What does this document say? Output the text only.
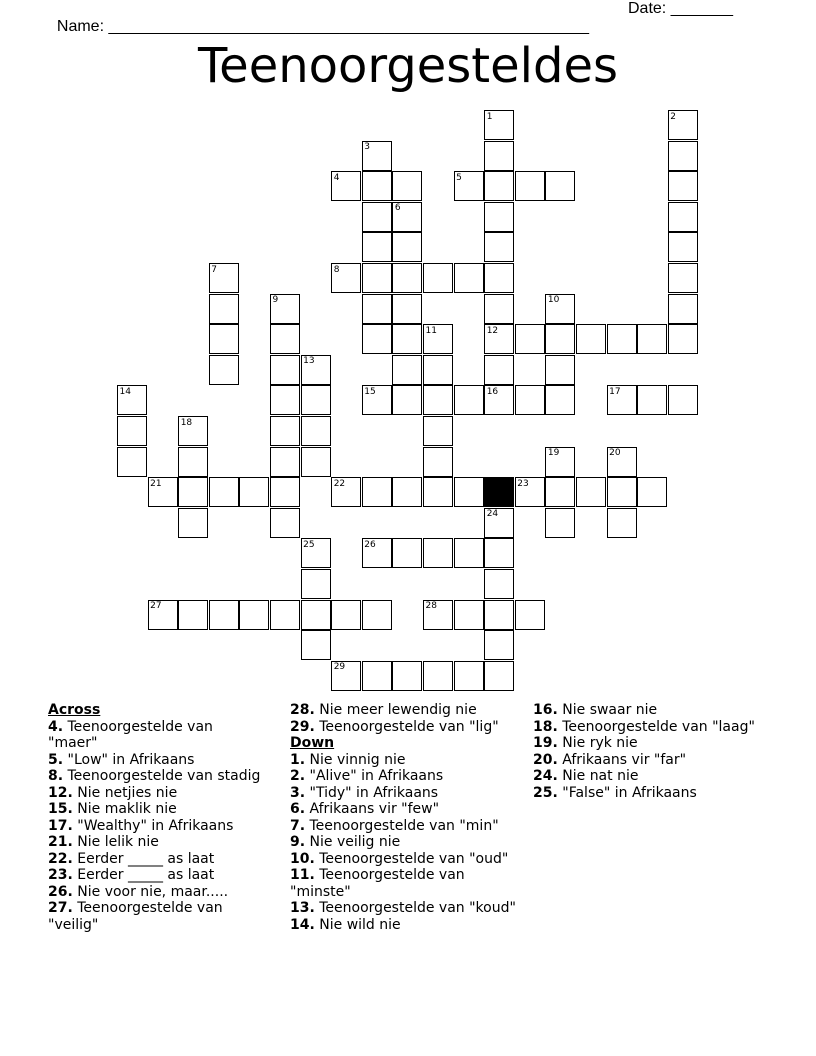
Name: ______________________________________________________

Date: _______

Teenoorgesteldes
1	2
3
4	5
6
7	8
9	10
11	12
13
14	15	16	17
18
19	20
21	22	23
24
25	26
27	28
29
Across
4. Teenoorgestelde van "maer"
5. "Low" in Afrikaans
8. Teenoorgestelde van stadig
12. Nie netjies nie
15. Nie maklik nie
17. "Wealthy" in Afrikaans
21. Nie lelik nie
22. Eerder _____ as laat
23. Eerder _____ as laat
26. Nie voor nie, maar.....
27. Teenoorgestelde van "veilig"
28. Nie meer lewendig nie
29. Teenoorgestelde van "lig"
Down
1. Nie vinnig nie
2. "Alive" in Afrikaans
3. "Tidy" in Afrikaans
6. Afrikaans vir "few"
7. Teenoorgestelde van "min"
9. Nie veilig nie
10. Teenoorgestelde van "oud"
11. Teenoorgestelde van "minste"
13. Teenoorgestelde van "koud"
14. Nie wild nie
16. Nie swaar nie
18. Teenoorgestelde van "laag"
19. Nie ryk nie
20. Afrikaans vir "far"
24. Nie nat nie
25. "False" in Afrikaans
